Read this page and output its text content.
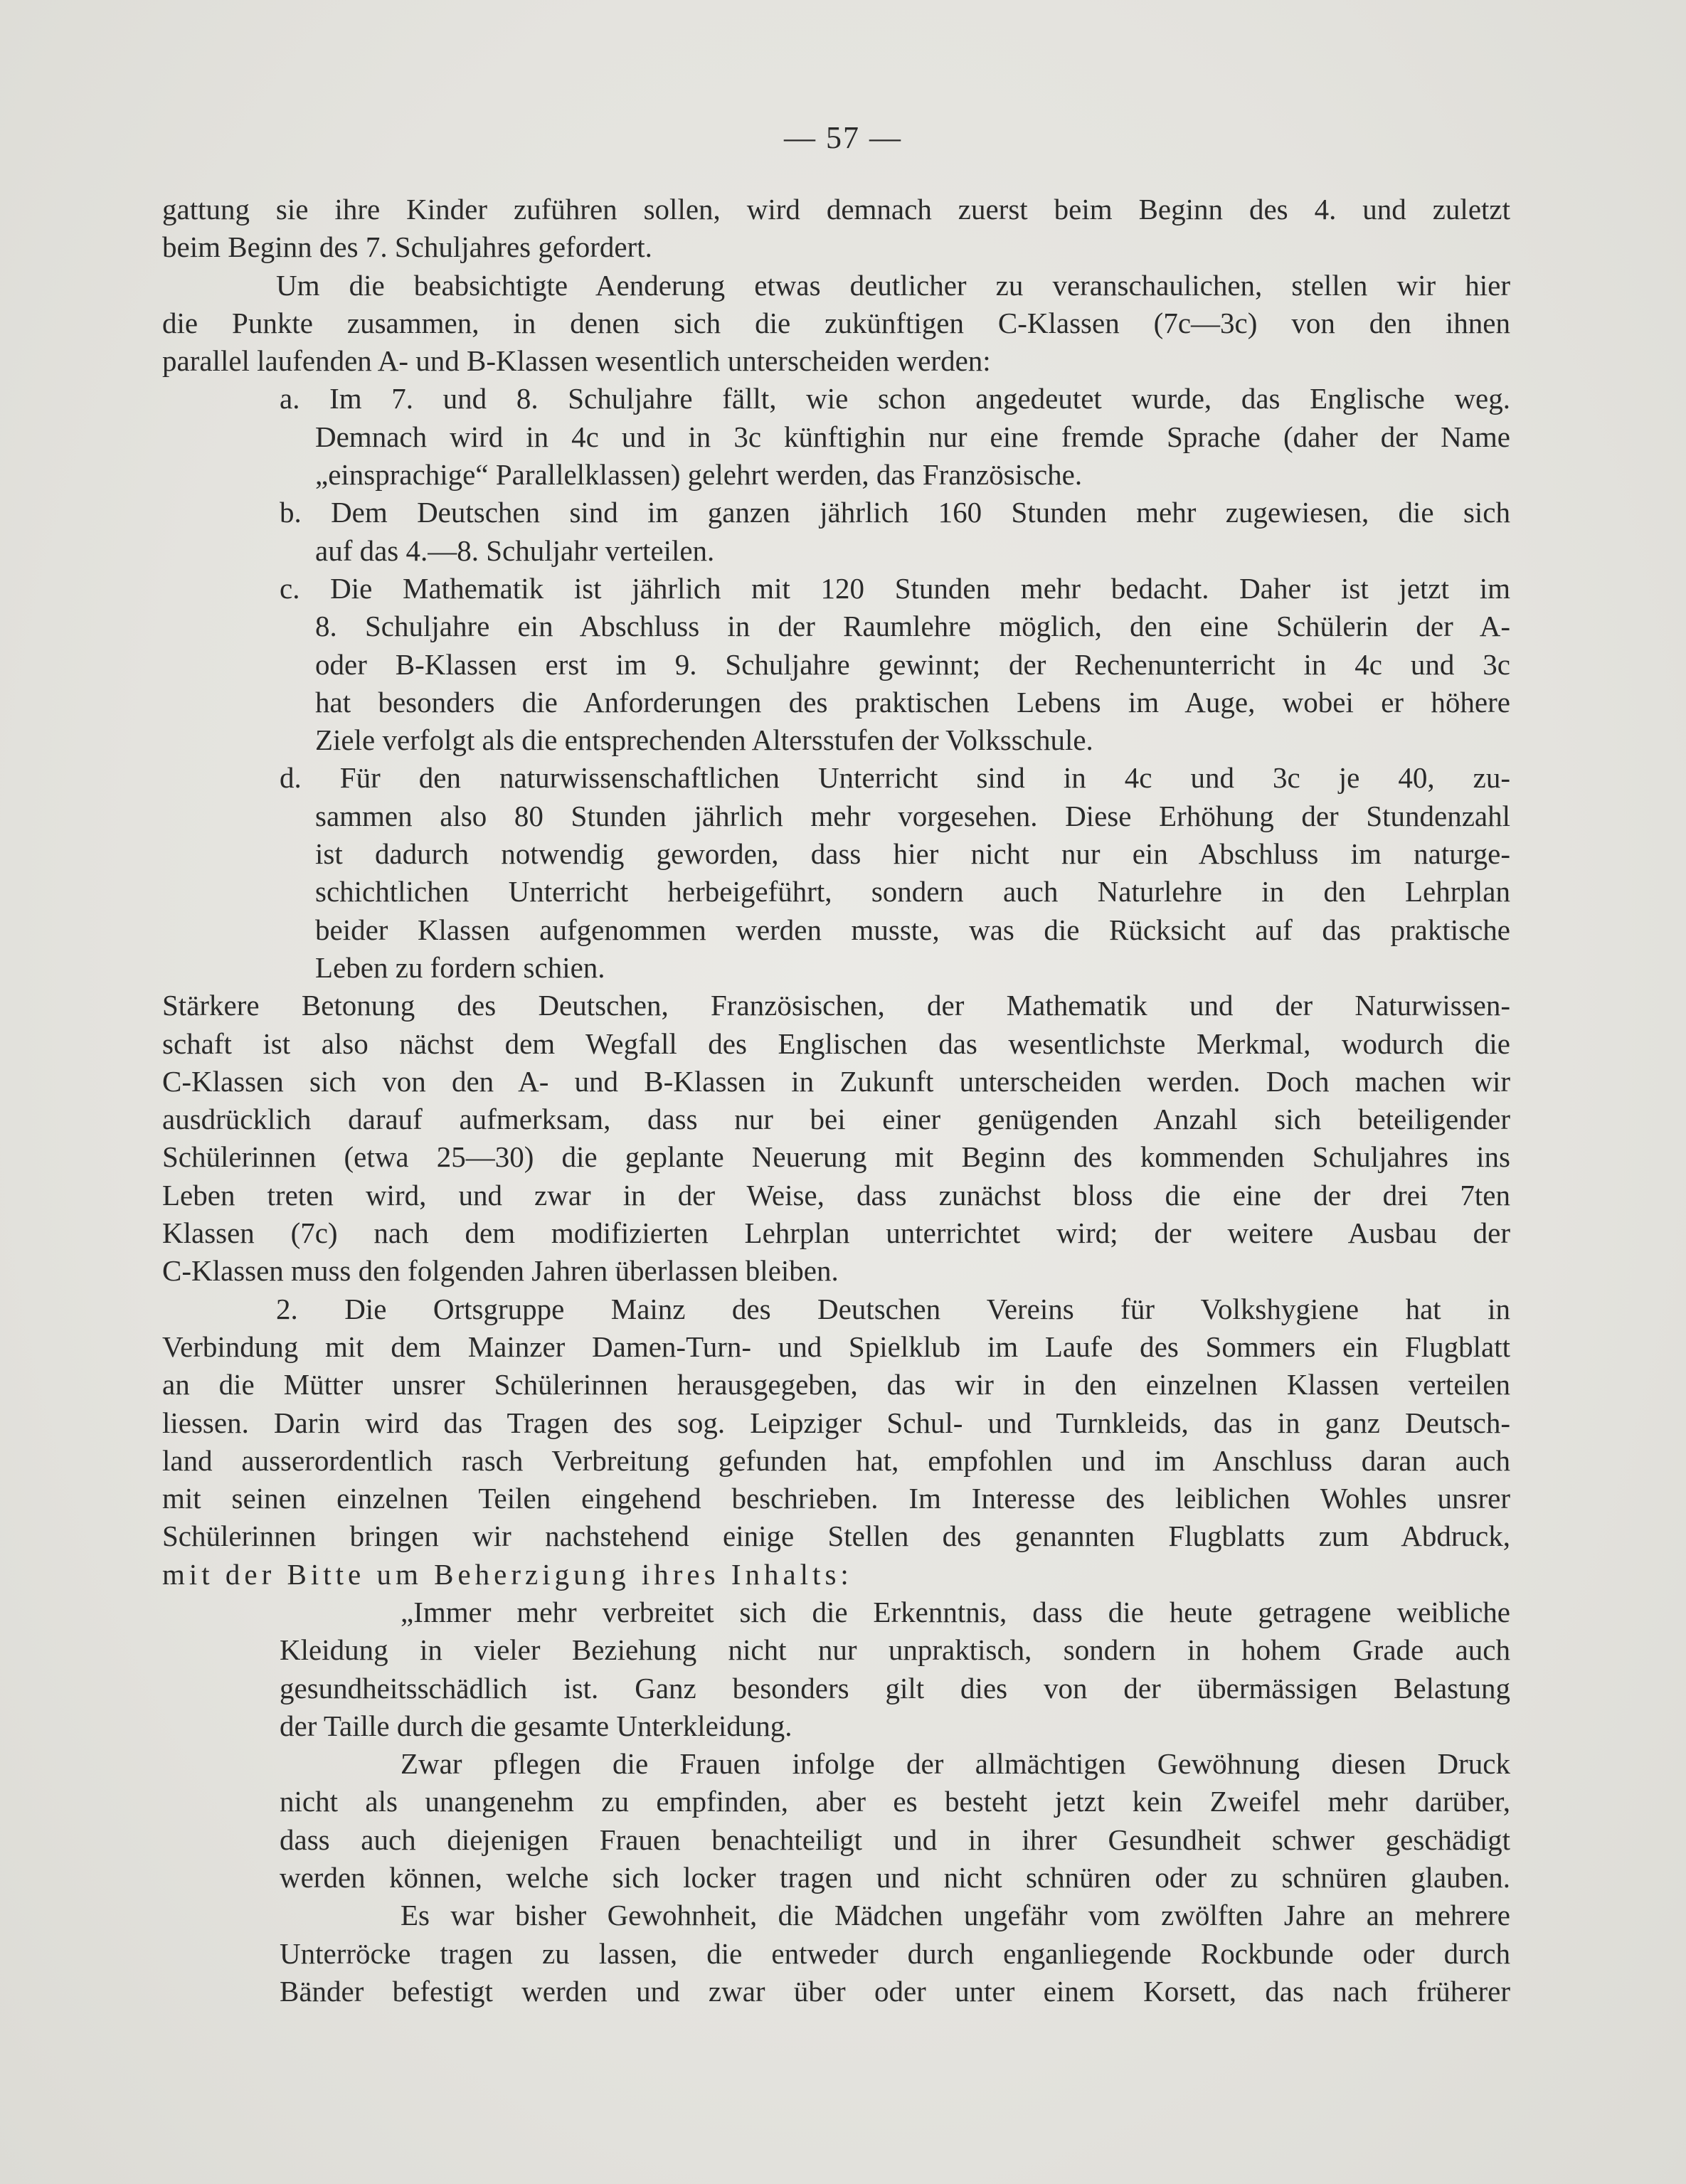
— 57 —
gattung sie ihre Kinder zuführen sollen, wird demnach zuerst beim Beginn des 4. und zuletzt
beim Beginn des 7. Schuljahres gefordert.
Um die beabsichtigte Aenderung etwas deutlicher zu veranschaulichen, stellen wir hier
die Punkte zusammen, in denen sich die zukünftigen C-Klassen (7c—3c) von den ihnen
parallel laufenden A- und B-Klassen wesentlich unterscheiden werden:
a. Im 7. und 8. Schuljahre fällt, wie schon angedeutet wurde, das Englische weg.
Demnach wird in 4c und in 3c künftighin nur eine fremde Sprache (daher der Name
„einsprachige“ Parallelklassen) gelehrt werden, das Französische.
b. Dem Deutschen sind im ganzen jährlich 160 Stunden mehr zugewiesen, die sich
auf das 4.—8. Schuljahr verteilen.
c. Die Mathematik ist jährlich mit 120 Stunden mehr bedacht. Daher ist jetzt im
8. Schuljahre ein Abschluss in der Raumlehre möglich, den eine Schülerin der A-
oder B-Klassen erst im 9. Schuljahre gewinnt; der Rechenunterricht in 4c und 3c
hat besonders die Anforderungen des praktischen Lebens im Auge, wobei er höhere
Ziele verfolgt als die entsprechenden Altersstufen der Volksschule.
d. Für den naturwissenschaftlichen Unterricht sind in 4c und 3c je 40, zu-
sammen also 80 Stunden jährlich mehr vorgesehen. Diese Erhöhung der Stundenzahl
ist dadurch notwendig geworden, dass hier nicht nur ein Abschluss im naturge-
schichtlichen Unterricht herbeigeführt, sondern auch Naturlehre in den Lehrplan
beider Klassen aufgenommen werden musste, was die Rücksicht auf das praktische
Leben zu fordern schien.
Stärkere Betonung des Deutschen, Französischen, der Mathematik und der Naturwissen-
schaft ist also nächst dem Wegfall des Englischen das wesentlichste Merkmal, wodurch die
C-Klassen sich von den A- und B-Klassen in Zukunft unterscheiden werden. Doch machen wir
ausdrücklich darauf aufmerksam, dass nur bei einer genügenden Anzahl sich beteiligender
Schülerinnen (etwa 25—30) die geplante Neuerung mit Beginn des kommenden Schuljahres ins
Leben treten wird, und zwar in der Weise, dass zunächst bloss die eine der drei 7ten
Klassen (7c) nach dem modifizierten Lehrplan unterrichtet wird; der weitere Ausbau der
C-Klassen muss den folgenden Jahren überlassen bleiben.
2. Die Ortsgruppe Mainz des Deutschen Vereins für Volkshygiene hat in
Verbindung mit dem Mainzer Damen-Turn- und Spielklub im Laufe des Sommers ein Flugblatt
an die Mütter unsrer Schülerinnen herausgegeben, das wir in den einzelnen Klassen verteilen
liessen. Darin wird das Tragen des sog. Leipziger Schul- und Turnkleids, das in ganz Deutsch-
land ausserordentlich rasch Verbreitung gefunden hat, empfohlen und im Anschluss daran auch
mit seinen einzelnen Teilen eingehend beschrieben. Im Interesse des leiblichen Wohles unsrer
Schülerinnen bringen wir nachstehend einige Stellen des genannten Flugblatts zum Abdruck,
mit der Bitte um Beherzigung ihres Inhalts:
„Immer mehr verbreitet sich die Erkenntnis, dass die heute getragene weibliche
Kleidung in vieler Beziehung nicht nur unpraktisch, sondern in hohem Grade auch
gesundheitsschädlich ist. Ganz besonders gilt dies von der übermässigen Belastung
der Taille durch die gesamte Unterkleidung.
Zwar pflegen die Frauen infolge der allmächtigen Gewöhnung diesen Druck
nicht als unangenehm zu empfinden, aber es besteht jetzt kein Zweifel mehr darüber,
dass auch diejenigen Frauen benachteiligt und in ihrer Gesundheit schwer geschädigt
werden können, welche sich locker tragen und nicht schnüren oder zu schnüren glauben.
Es war bisher Gewohnheit, die Mädchen ungefähr vom zwölften Jahre an mehrere
Unterröcke tragen zu lassen, die entweder durch enganliegende Rockbunde oder durch
Bänder befestigt werden und zwar über oder unter einem Korsett, das nach früherer
